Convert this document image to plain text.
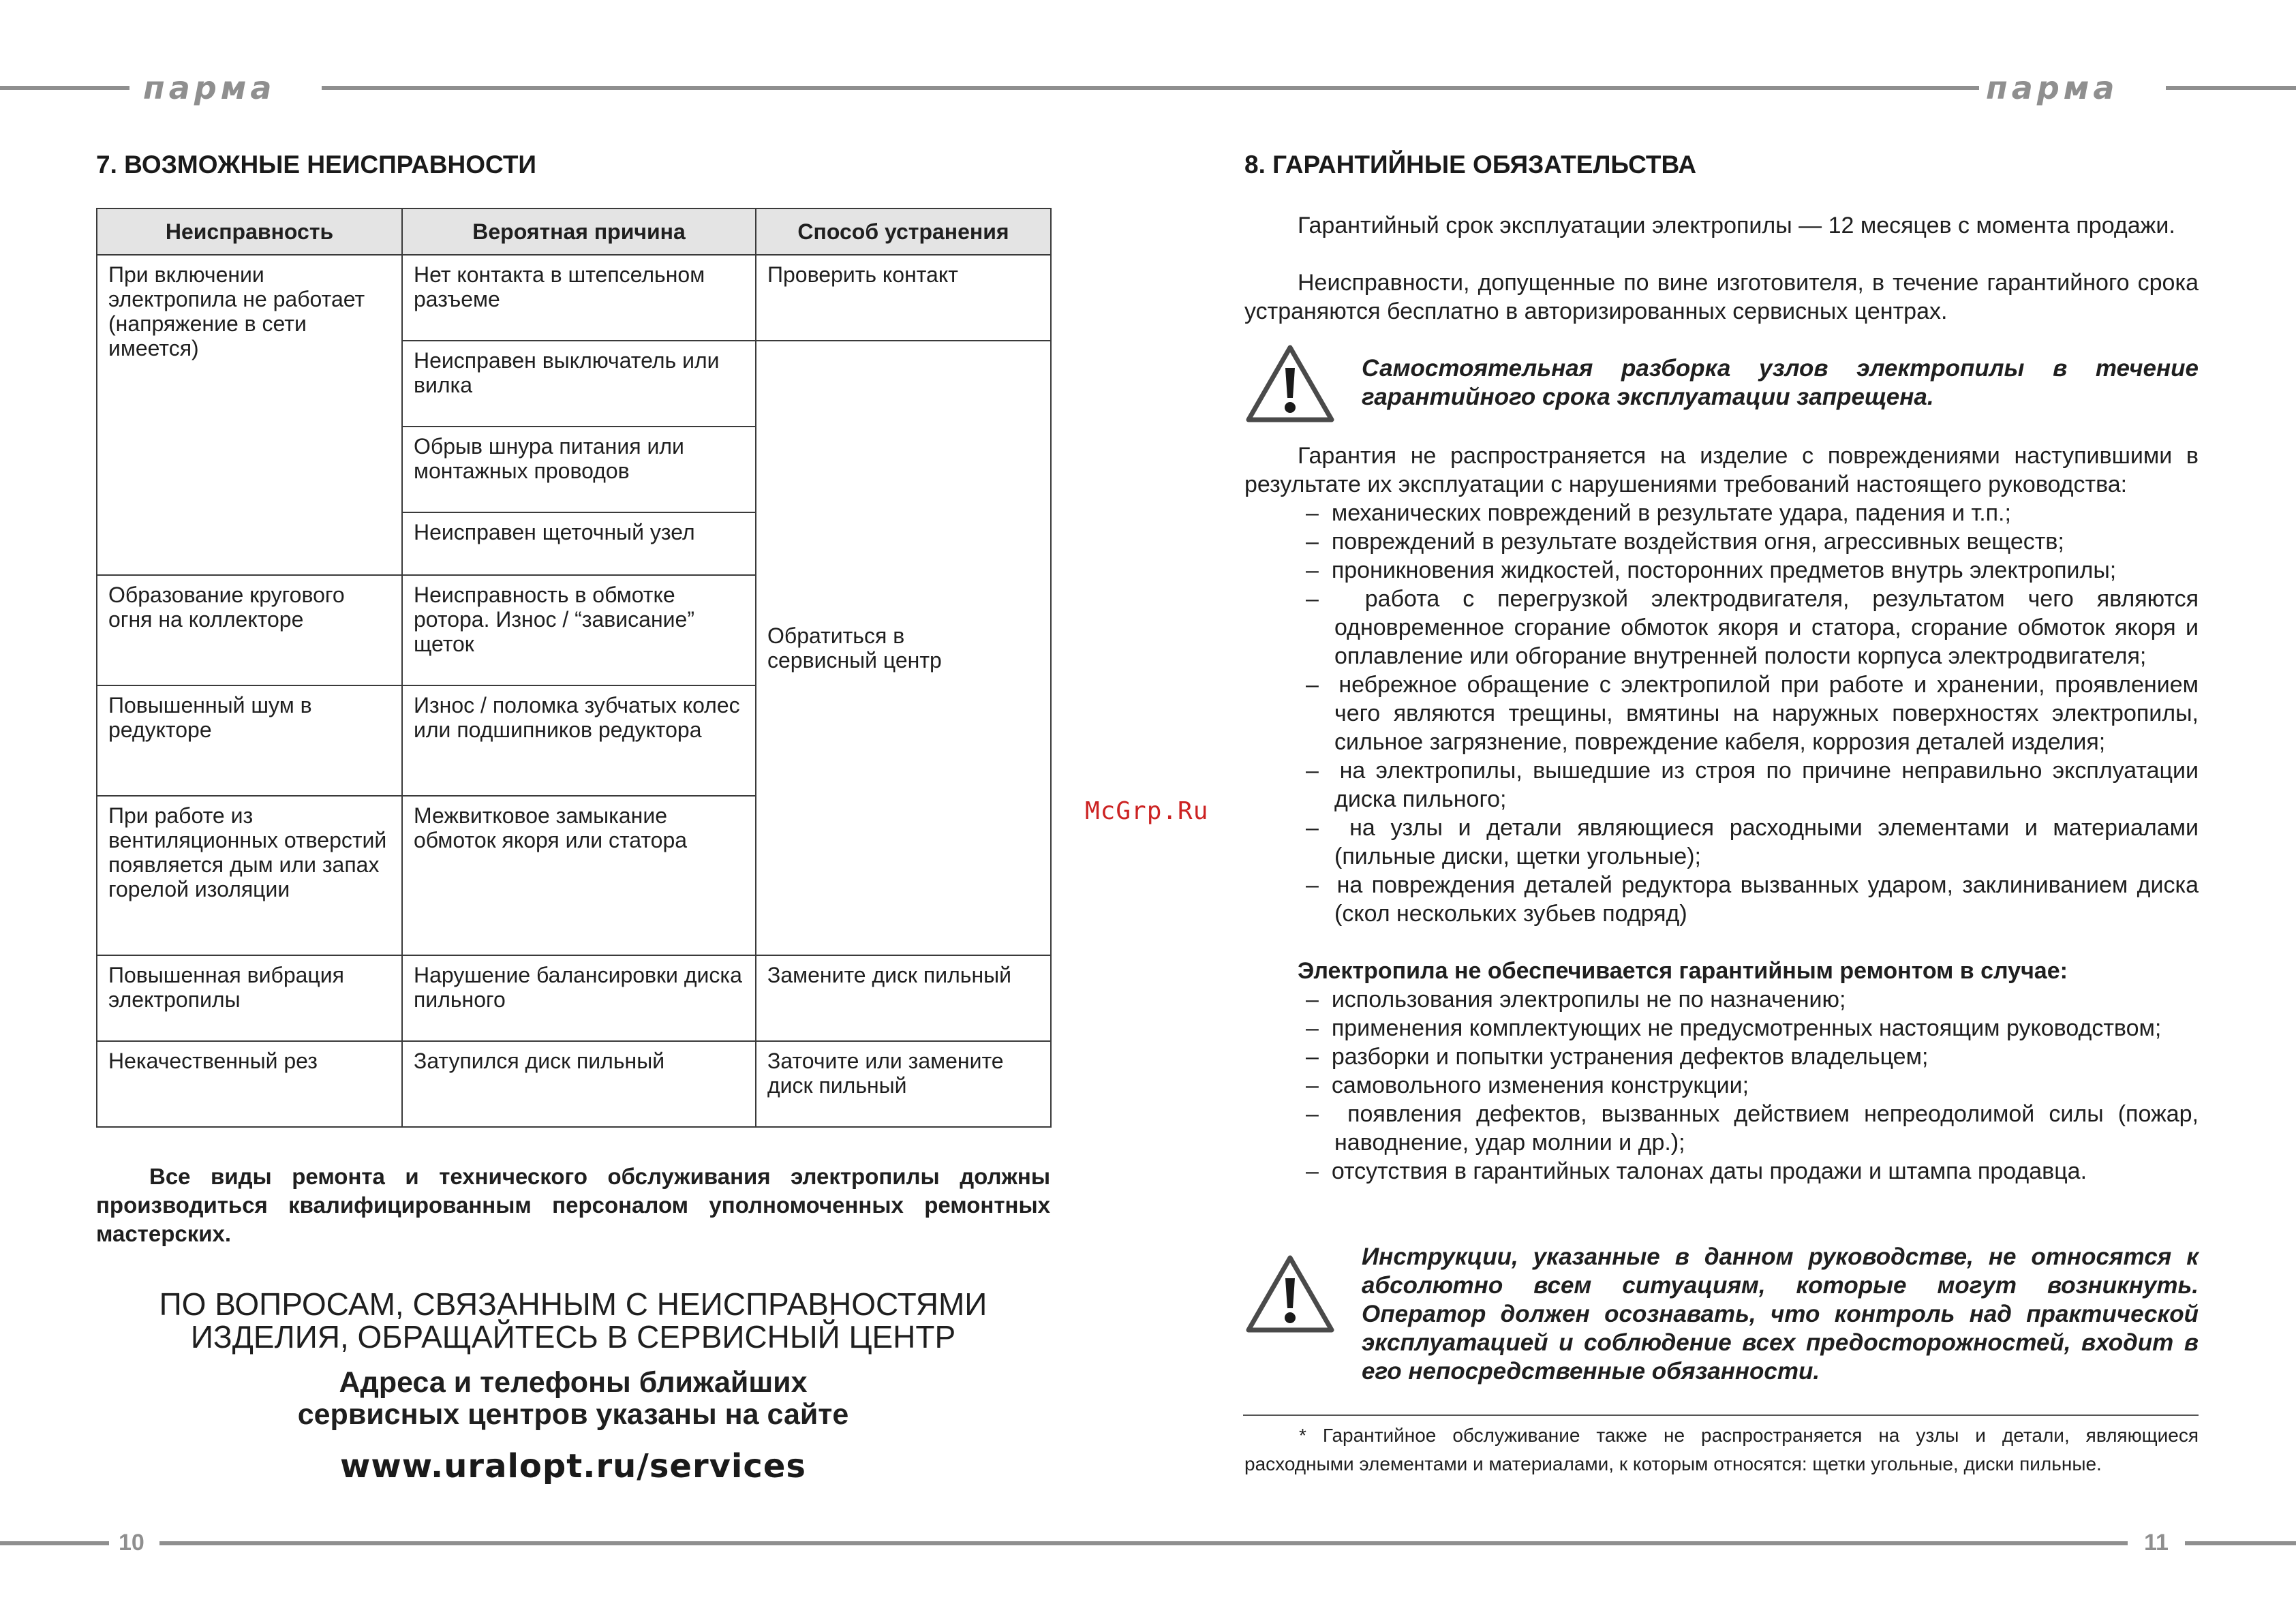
парма	парма
10	11
McGrp.Ru
7. ВОЗМОЖНЫЕ НЕИСПРАВНОСТИ
Неисправность	Вероятная причина	Способ устранения
При включении электропила не работает (напряжение в сети имеется)	Нет контакта в штепсельном разъеме	Проверить контакт
	Неисправен выключатель или вилка	Обратиться в сервисный центр
	Обрыв шнура питания или монтажных проводов	
	Неисправен щеточный узел	
Образование кругового огня на коллекторе	Неисправность в обмотке ротора. Износ / “зависание” щеток	
Повышенный шум в редукторе	Износ / поломка зубчатых колес или подшипников редуктора	
При работе из вентиляционных отверстий появляется дым или запах горелой изоляции	Межвитковое замыкание обмоток якоря или статора	
Повышенная вибрация электропилы	Нарушение балансировки диска пильного	Замените диск пильный
Некачественный рез	Затупился диск пильный	Заточите или замените диск пильный
Все виды ремонта и технического обслуживания электропилы должны производиться квалифицированным персоналом уполномоченных ремонтных мастерских.
ПО ВОПРОСАМ, СВЯЗАННЫМ С НЕИСПРАВНОСТЯМИ
ИЗДЕЛИЯ, ОБРАЩАЙТЕСЬ В СЕРВИСНЫЙ ЦЕНТР
Адреса и телефоны ближайших
сервисных центров указаны на сайте
www.uralopt.ru/services
8. ГАРАНТИЙНЫЕ ОБЯЗАТЕЛЬСТВА
Гарантийный срок эксплуатации электропилы — 12 месяцев с момента продажи.
Неисправности, допущенные по вине изготовителя, в течение гарантийного срока устраняются бесплатно в авторизированных сервисных центрах.
Самостоятельная разборка узлов электропилы в течение гарантийного срока эксплуатации запрещена.
Гарантия не распространяется на изделие с повреждениями наступившими в результате их эксплуатации с нарушениями требований настоящего руководства:
–  механических повреждений в результате удара, падения и т.п.;
–  повреждений в результате воздействия огня, агрессивных веществ;
–  проникновения жидкостей, посторонних предметов внутрь электропилы;
–  работа с перегрузкой электродвигателя, результатом чего являются одновременное сгорание обмоток якоря и статора, сгорание обмоток якоря и оплавление или обгорание внутренней полости корпуса электродвигателя;
–  небрежное обращение с электропилой при работе и хранении, проявлением чего являются трещины, вмятины на наружных поверхностях электропилы, сильное загрязнение, повреждение кабеля, коррозия деталей изделия;
–  на электропилы, вышедшие из строя по причине неправильно эксплуатации диска пильного;
–  на узлы и детали являющиеся расходными элементами и материалами (пильные диски, щетки угольные);
–  на повреждения деталей редуктора вызванных ударом, заклиниванием диска (скол нескольких зубьев подряд)
Электропила не обеспечивается гарантийным ремонтом в случае:
–  использования электропилы не по назначению;
–  применения комплектующих не предусмотренных настоящим руководством;
–  разборки и попытки устранения дефектов владельцем;
–  самовольного изменения конструкции;
–  появления дефектов, вызванных действием непреодолимой силы (пожар, наводнение, удар молнии и др.);
–  отсутствия в гарантийных талонах даты продажи и штампа продавца.
Инструкции, указанные в данном руководстве, не относятся к абсолютно всем ситуациям, которые могут возникнуть. Оператор должен осознавать, что контроль над практической эксплуатацией и соблюдение всех предосторожностей, входит в его непосредственные обязанности.
* Гарантийное обслуживание также не распространяется на узлы и детали, являющиеся расходными элементами и материалами, к которым относятся: щетки угольные, диски пильные.
